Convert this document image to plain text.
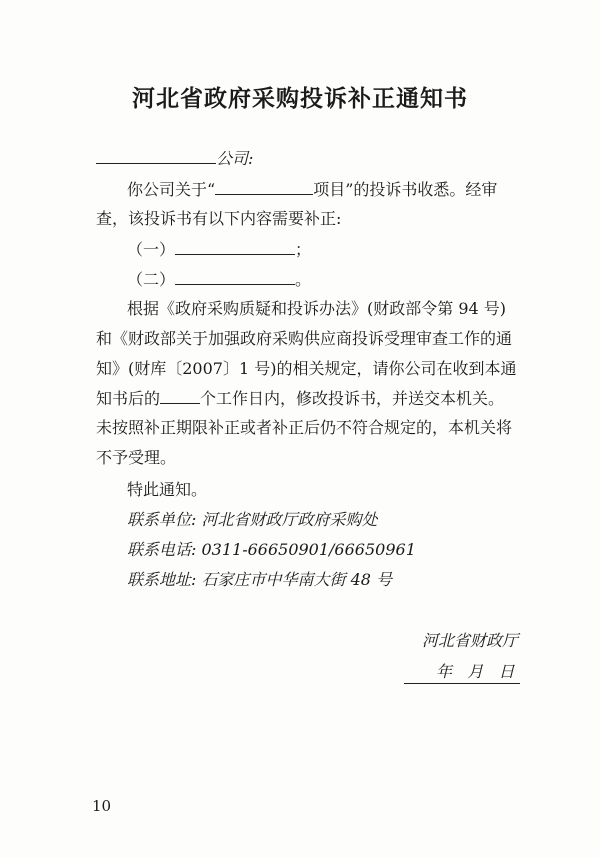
河北省政府采购投诉补正通知书
公司:
你公司关于“	项目”的投诉书收悉。经审
查，该投诉书有以下内容需要补正:
（一）	；
（二）	。
根据《政府采购质疑和投诉办法》(财政部令第 94 号)
和《财政部关于加强政府采购供应商投诉受理审查工作的通
知》(财库〔2007〕1 号)的相关规定，请你公司在收到本通
知书后的	个工作日内，修改投诉书，并送交本机关。
未按照补正期限补正或者补正后仍不符合规定的，本机关将
不予受理。
特此通知。
联系单位: 河北省财政厅政府采购处
联系电话: 0311-66650901/66650961
联系地址: 石家庄市中华南大街 48 号
河北省财政厅
年   月   日
10
